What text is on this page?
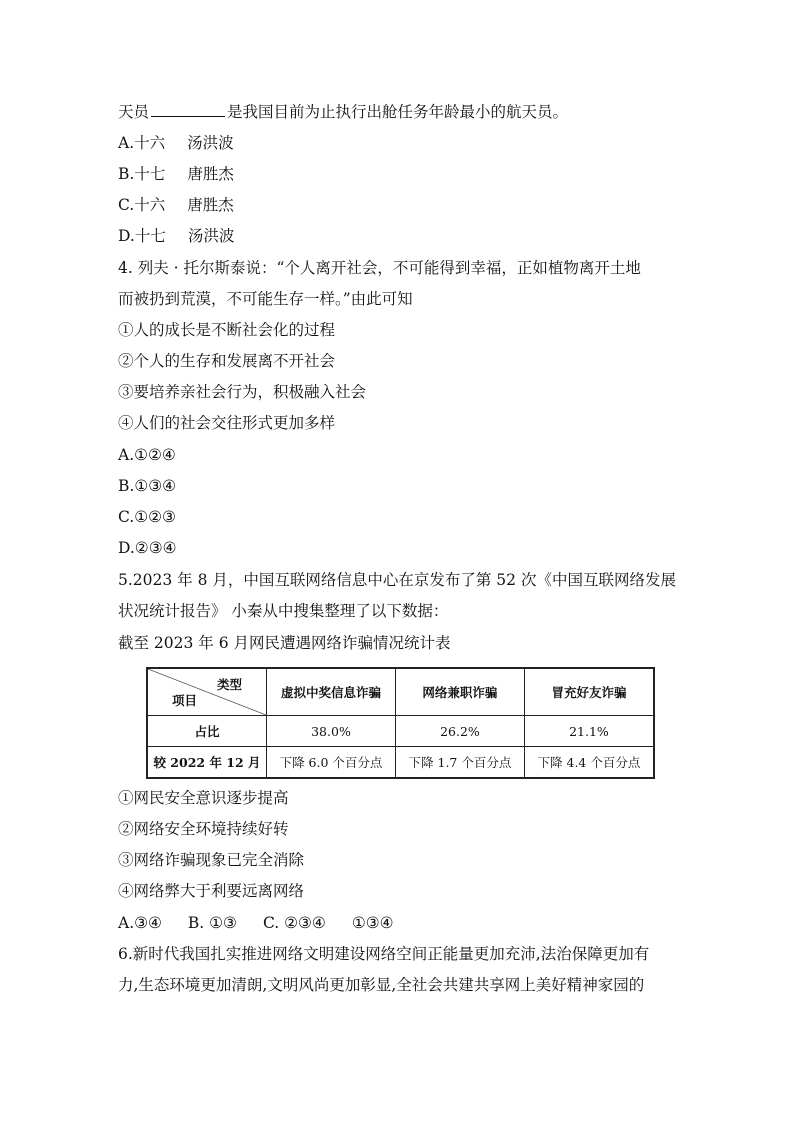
天员	是我国目前为止执行出舱任务年龄最小的航天员。
A.十六 汤洪波
B.十七 唐胜杰
C.十六 唐胜杰
D.十七 汤洪波
4. 列夫 · 托尔斯泰说：“个人离开社会，不可能得到幸福，正如植物离开土地
而被扔到荒漠，不可能生存一样。”由此可知
①人的成长是不断社会化的过程
②个人的生存和发展离不开社会
③要培养亲社会行为，积极融入社会
④人们的社会交往形式更加多样
A.①②④
B.①③④
C.①②③
D.②③④
5.2023 年 8 月，中国互联网络信息中心在京发布了第 52 次《中国互联网络发展
状况统计报告》 小秦从中搜集整理了以下数据：
截至 2023 年 6 月网民遭遇网络诈骗情况统计表
类型
项目	虚拟中奖信息诈骗	网络兼职诈骗	冒充好友诈骗
占比	38.0%	26.2%	21.1%
较 2022 年 12 月	下降 6.0 个百分点	下降 1.7 个百分点	下降 4.4 个百分点
①网民安全意识逐步提高
②网络安全环境持续好转
③网络诈骗现象已完全消除
④网络弊大于利要远离网络
A.③④ B. ①③ C. ②③④ ①③④
6.新时代我国扎实推进网络文明建设网络空间正能量更加充沛,法治保障更加有
力,生态环境更加清朗,文明风尚更加彰显,全社会共建共享网上美好精神家园的
